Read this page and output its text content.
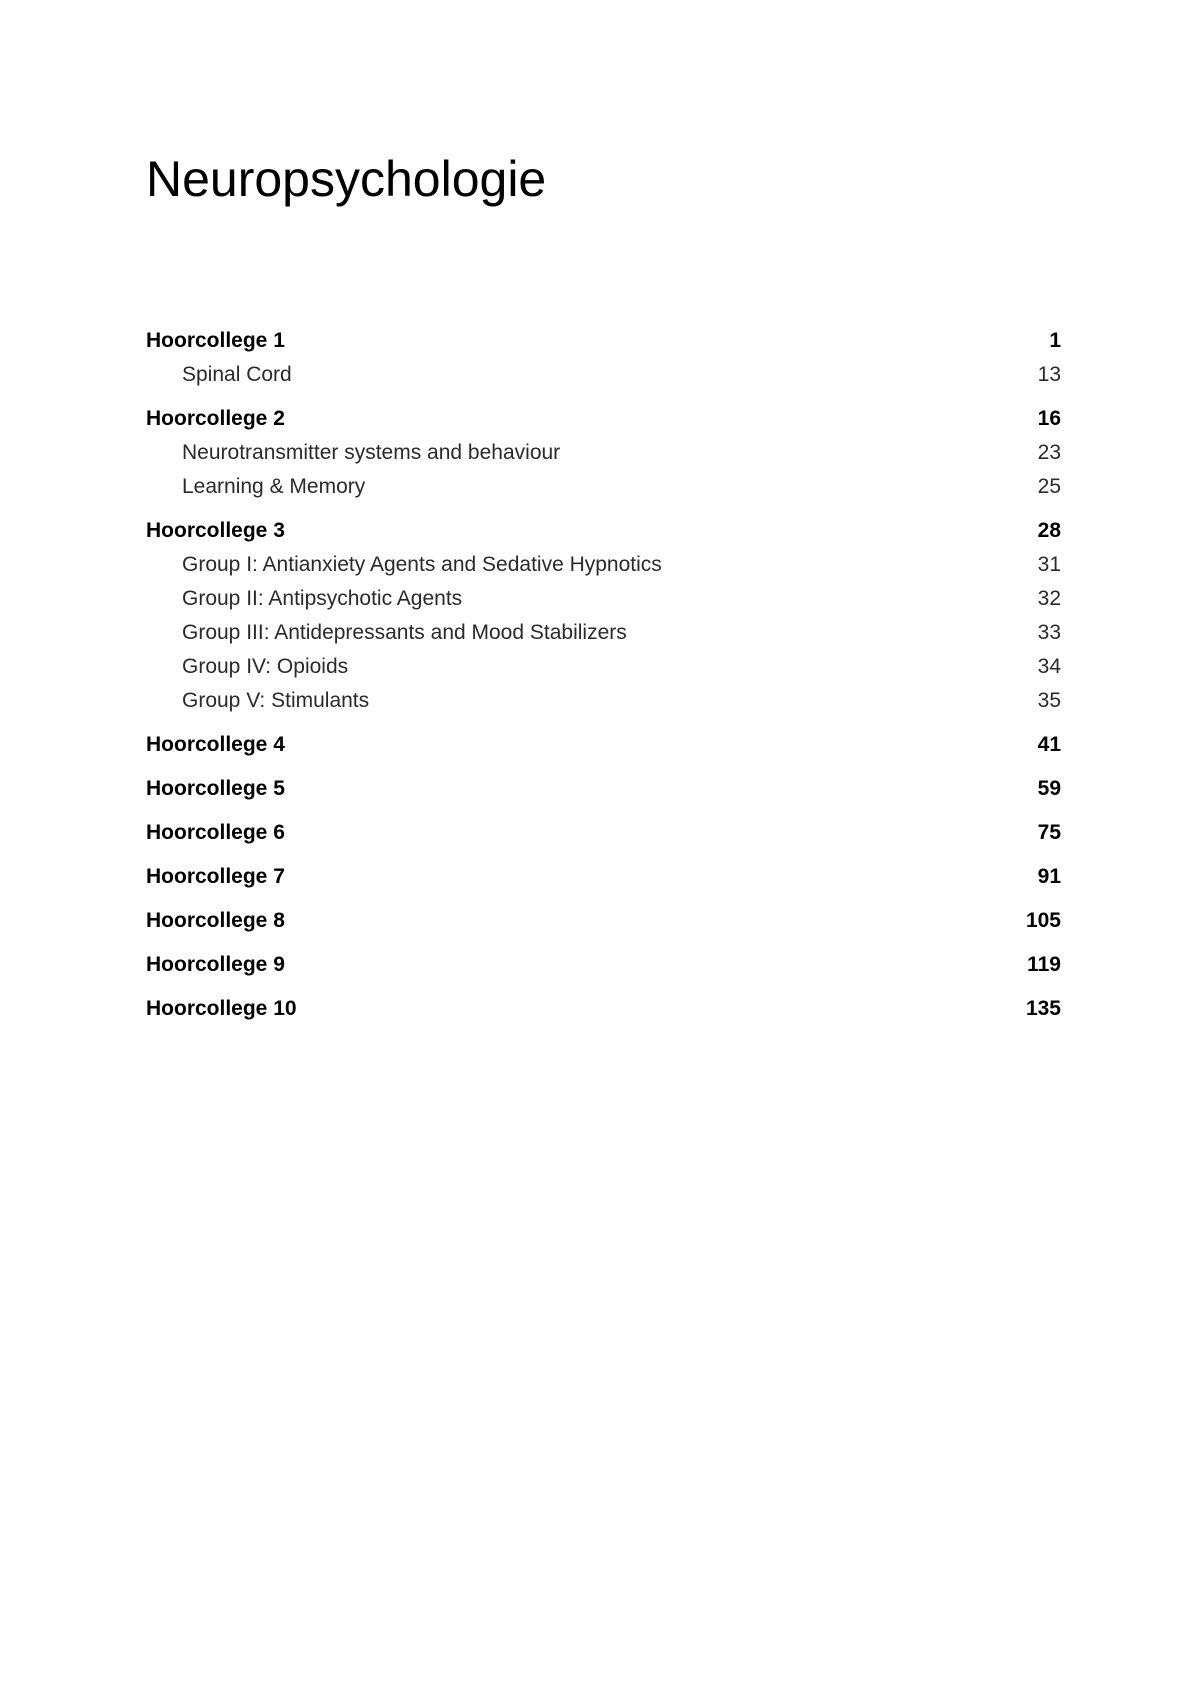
Neuropsychologie
Hoorcollege 1	1
Spinal Cord	13
Hoorcollege 2	16
Neurotransmitter systems and behaviour	23
Learning & Memory	25
Hoorcollege 3	28
Group I: Antianxiety Agents and Sedative Hypnotics	31
Group II: Antipsychotic Agents	32
Group III: Antidepressants and Mood Stabilizers	33
Group IV: Opioids	34
Group V: Stimulants	35
Hoorcollege 4	41
Hoorcollege 5	59
Hoorcollege 6	75
Hoorcollege 7	91
Hoorcollege 8	105
Hoorcollege 9	119
Hoorcollege 10	135
